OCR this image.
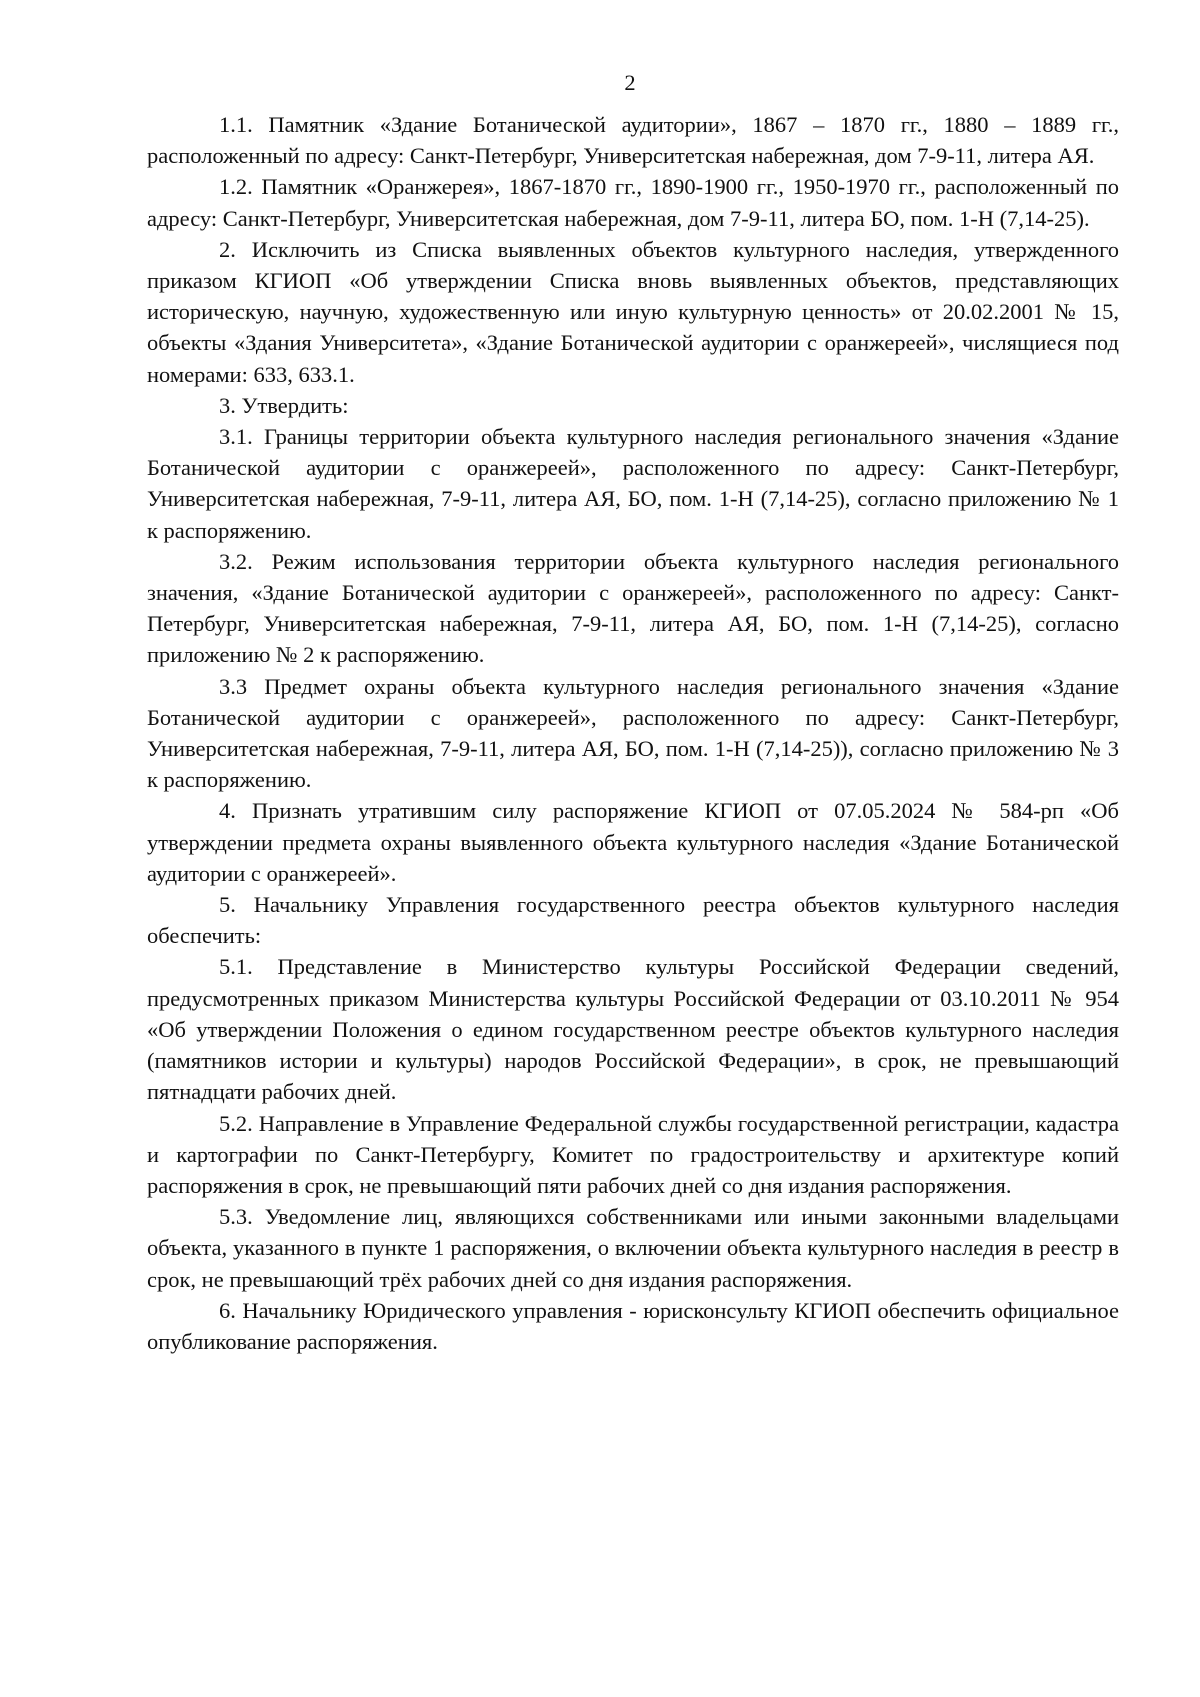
2

1.1. Памятник «Здание Ботанической аудитории», 1867 – 1870 гг., 1880 – 1889 гг., расположенный по адресу: Санкт-Петербург, Университетская набережная, дом 7-9-11, литера АЯ.

1.2. Памятник «Оранжерея», 1867-1870 гг., 1890-1900 гг., 1950-1970 гг., расположенный по адресу: Санкт-Петербург, Университетская набережная, дом 7-9-11, литера БО, пом. 1-Н (7,14-25).

2. Исключить из Списка выявленных объектов культурного наследия, утвержденного приказом КГИОП «Об утверждении Списка вновь выявленных объектов, представляющих историческую, научную, художественную или иную культурную ценность» от 20.02.2001 № 15, объекты «Здания Университета», «Здание Ботанической аудитории с оранжереей», числящиеся под номерами: 633, 633.1.

3. Утвердить:

3.1. Границы территории объекта культурного наследия регионального значения «Здание Ботанической аудитории с оранжереей», расположенного по адресу: Санкт-Петербург, Университетская набережная, 7-9-11, литера АЯ, БО, пом. 1-Н (7,14-25), согласно приложению № 1 к распоряжению.

3.2. Режим использования территории объекта культурного наследия регионального значения, «Здание Ботанической аудитории с оранжереей», расположенного по адресу: Санкт-Петербург, Университетская набережная, 7-9-11, литера АЯ, БО, пом. 1-Н (7,14-25), согласно приложению № 2 к распоряжению.

3.3 Предмет охраны объекта культурного наследия регионального значения «Здание Ботанической аудитории с оранжереей», расположенного по адресу: Санкт-Петербург, Университетская набережная, 7-9-11, литера АЯ, БО, пом. 1-Н (7,14-25)), согласно приложению № 3 к распоряжению.

4. Признать утратившим силу распоряжение КГИОП от 07.05.2024 № 584-рп «Об утверждении предмета охраны выявленного объекта культурного наследия «Здание Ботанической аудитории с оранжереей».

5. Начальнику Управления государственного реестра объектов культурного наследия обеспечить:

5.1. Представление в Министерство культуры Российской Федерации сведений, предусмотренных приказом Министерства культуры Российской Федерации от 03.10.2011 № 954 «Об утверждении Положения о едином государственном реестре объектов культурного наследия (памятников истории и культуры) народов Российской Федерации», в срок, не превышающий пятнадцати рабочих дней.

5.2. Направление в Управление Федеральной службы государственной регистрации, кадастра и картографии по Санкт-Петербургу, Комитет по градостроительству и архитектуре копий распоряжения в срок, не превышающий пяти рабочих дней со дня издания распоряжения.

5.3. Уведомление лиц, являющихся собственниками или иными законными владельцами объекта, указанного в пункте 1 распоряжения, о включении объекта культурного наследия в реестр в срок, не превышающий трёх рабочих дней со дня издания распоряжения.

6. Начальнику Юридического управления - юрисконсульту КГИОП обеспечить официальное опубликование распоряжения.
